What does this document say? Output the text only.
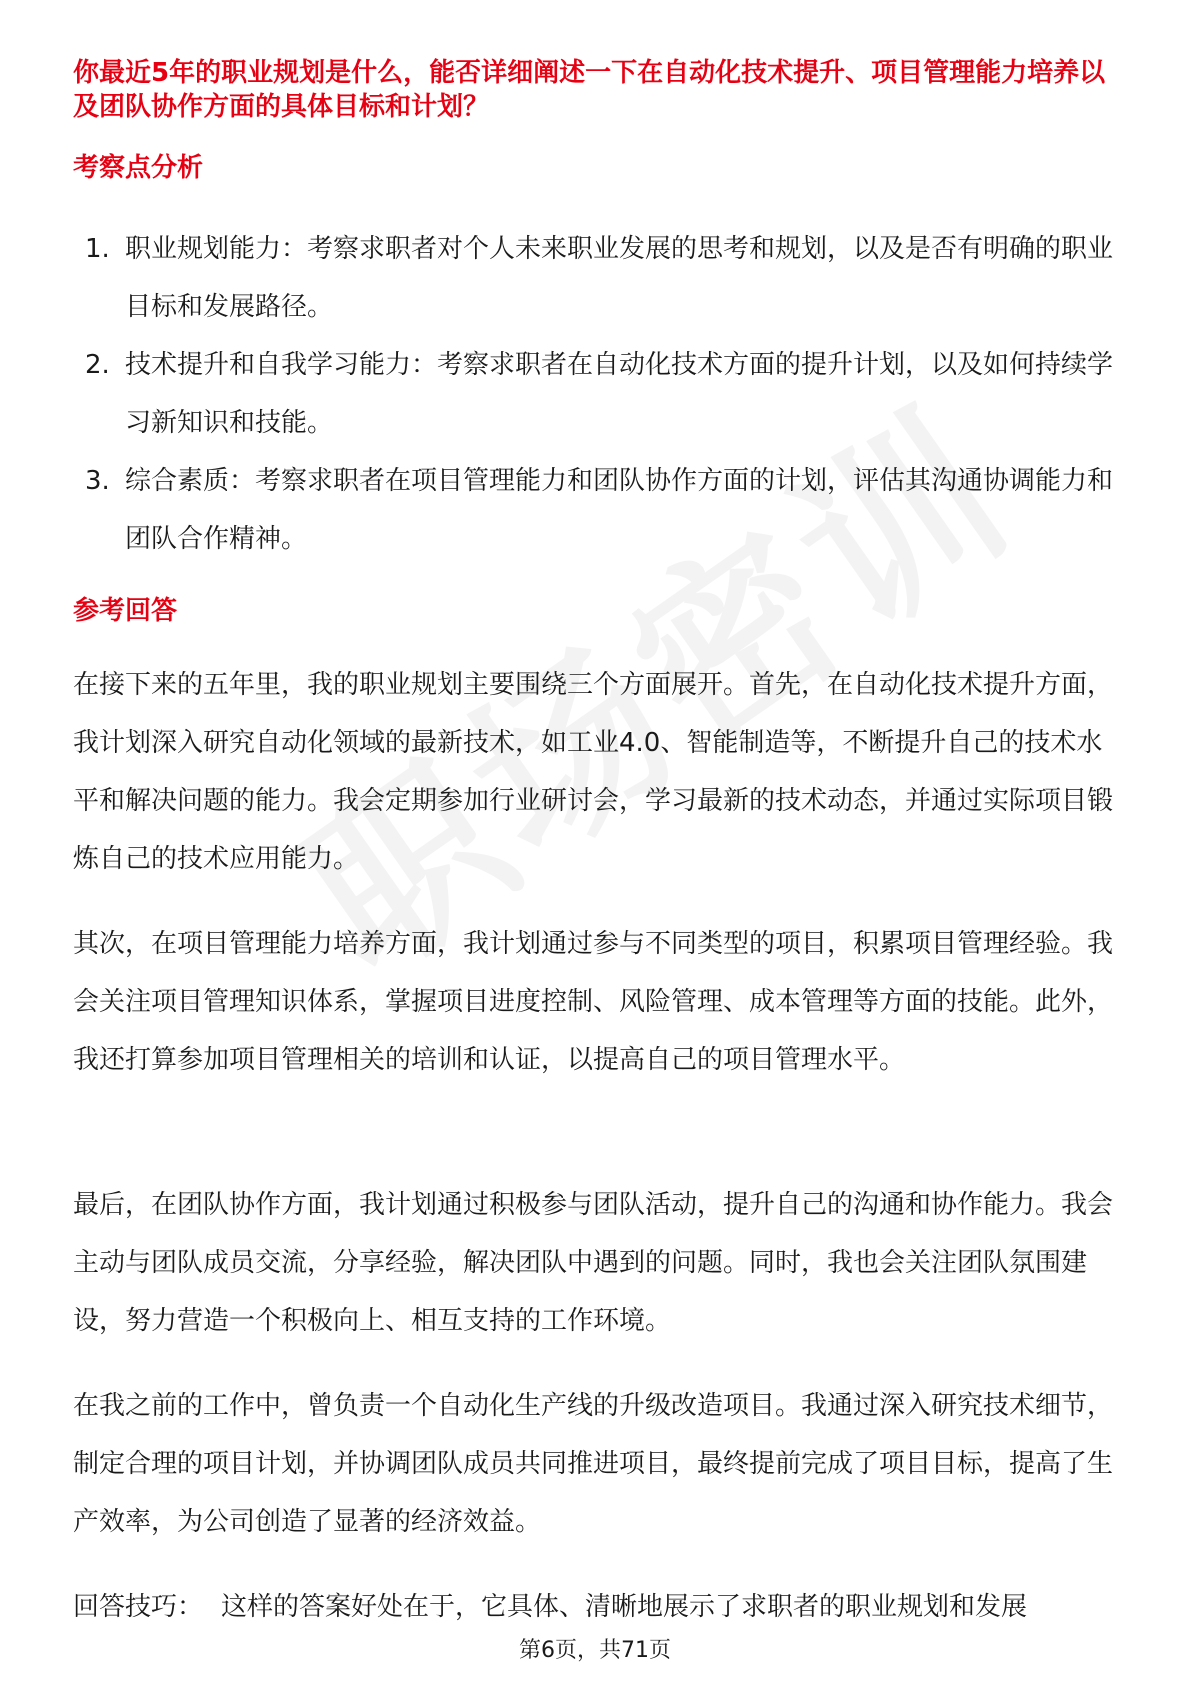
你最近5年的职业规划是什么，能否详细阐述一下在自动化技术提升、项目管理能力培养以及团队协作方面的具体目标和计划？
考察点分析
1. 职业规划能力：考察求职者对个人未来职业发展的思考和规划，以及是否有明确的职业目标和发展路径。
2. 技术提升和自我学习能力：考察求职者在自动化技术方面的提升计划，以及如何持续学习新知识和技能。
3. 综合素质：考察求职者在项目管理能力和团队协作方面的计划，评估其沟通协调能力和团队合作精神。
参考回答

在接下来的五年里，我的职业规划主要围绕三个方面展开。首先，在自动化技术提升方面，我计划深入研究自动化领域的最新技术，如工业4.0、智能制造等，不断提升自己的技术水平和解决问题的能力。我会定期参加行业研讨会，学习最新的技术动态，并通过实际项目锻炼自己的技术应用能力。

其次，在项目管理能力培养方面，我计划通过参与不同类型的项目，积累项目管理经验。我会关注项目管理知识体系，掌握项目进度控制、风险管理、成本管理等方面的技能。此外，我还打算参加项目管理相关的培训和认证，以提高自己的项目管理水平。

最后，在团队协作方面，我计划通过积极参与团队活动，提升自己的沟通和协作能力。我会主动与团队成员交流，分享经验，解决团队中遇到的问题。同时，我也会关注团队氛围建设，努力营造一个积极向上、相互支持的工作环境。

在我之前的工作中，曾负责一个自动化生产线的升级改造项目。我通过深入研究技术细节，制定合理的项目计划，并协调团队成员共同推进项目，最终提前完成了项目目标，提高了生产效率，为公司创造了显著的经济效益。

回答技巧： 这样的答案好处在于，它具体、清晰地展示了求职者的职业规划和发展

第6页，共71页
